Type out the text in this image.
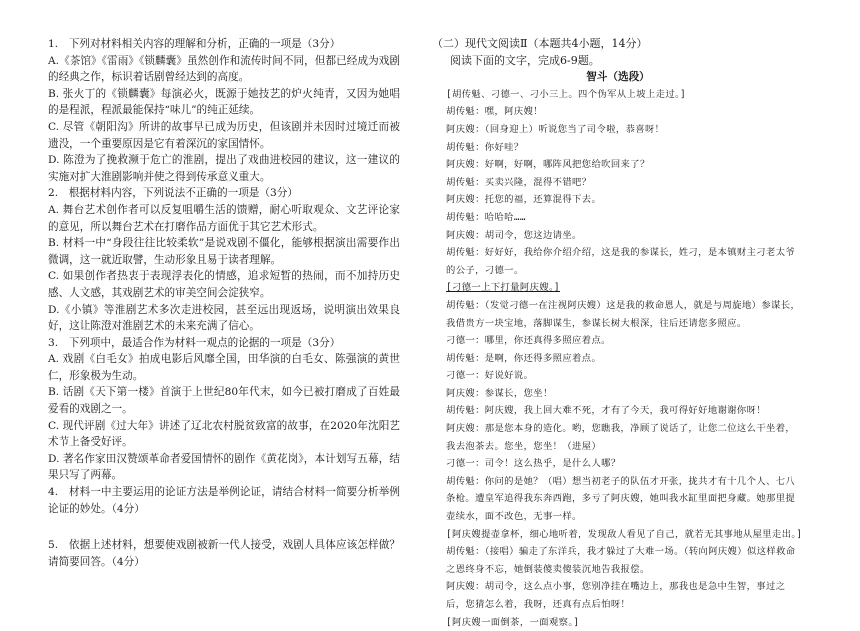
1.　下列对材料相关内容的理解和分析，正确的一项是（3分）

A.《茶馆》《雷雨》《锁麟囊》虽然创作和流传时间不同，但都已经成为戏剧的经典之作，标识着话剧曾经达到的高度。

B. 张火丁的《锁麟囊》每演必火，既源于她技艺的炉火纯青，又因为她唱的是程派，程派最能保持“味儿”的纯正延续。

C. 尽管《朝阳沟》所讲的故事早已成为历史，但该剧并未因时过境迁而被遗没，一个重要原因是它有着深沉的家国情怀。

D. 陈澄为了挽救濒于危亡的淮剧，提出了戏曲进校园的建议，这一建议的实施对扩大淮剧影响并使之得到传承意义重大。

2.　根据材料内容，下列说法不正确的一项是（3分）

A. 舞台艺术创作者可以反复咀嚼生活的馈赠，耐心听取观众、文艺评论家的意见，所以舞台艺术在打磨作品方面优于其它艺术形式。

B. 材料一中“身段往往比较柔软”是说戏剧不僵化，能够根据演出需要作出微调，这一就近取譬，生动形象且易于读者理解。

C. 如果创作者热衷于表现浮表化的情感，追求短暂的热闹，而不加持历史感、人文感，其戏剧艺术的审美空间会淀狭窄。

D.《小镇》等淮剧艺术多次走进校园，甚至远出现返场，说明演出效果良好，这让陈澄对淮剧艺术的未来充满了信心。

3.　下列项中，最适合作为材料一观点的论据的一项是（3分）

A. 戏剧《白毛女》拍成电影后风靡全国，田华演的白毛女、陈强演的黄世仁，形象极为生动。

B. 话剧《天下第一楼》首演于上世纪80年代末，如今已被打磨成了百姓最爱看的戏剧之一。

C. 现代评剧《过大年》讲述了辽北农村脱贫致富的故事，在2020年沈阳艺术节上备受好评。

D. 著名作家田汉赞颂革命者爱国情怀的剧作《黄花岗》，本计划写五幕，结果只写了两幕。

4.　材料一中主要运用的论证方法是举例论证，请结合材料一简要分析举例论证的妙处。（4分）

5.　依据上述材料，想要使戏剧被新一代人接受，戏剧人具体应该怎样做？请简要回答。（4分）

（二）现代文阅读Ⅱ（本题共4小题，14分）

阅读下面的文字，完成6-9题。

智斗（选段）

[胡传魁、刁德一、刁小三上。四个伪军从上坡上走过。]

胡传魁：嘿，阿庆嫂！

阿庆嫂：（回身迎上）听说您当了司令啦，恭喜呀！

胡传魁：你好哇？

阿庆嫂：好啊，好啊，哪阵风把您给吹回来了？

胡传魁：买卖兴隆，混得不错吧？

阿庆嫂：托您的福，还算混得下去。

胡传魁：哈哈哈……

阿庆嫂：胡司令，您这边请坐。

胡传魁：好好好，我给你介绍介绍，这是我的参谋长，姓刁，是本镇财主刁老太爷的公子，刁德一。

[刁德一上下打量阿庆嫂。]

胡传魁：（发觉刁德一在注视阿庆嫂）这是我的救命恩人，就是与周旋地）参谋长，我借贵方一块宝地，落脚谋生，参谋长树大根深，往后还请您多照应。

刁德一：哪里，你还真得多照应着点。

胡传魁：是啊，你还得多照应着点。

刁德一：好说好说。

阿庆嫂：参谋长，您坐！

胡传魁：阿庆嫂，我上回大难不死，才有了今天，我可得好好地谢谢你呀！

阿庆嫂：那是您本身的造化。哟，您瞧我，净顾了说话了，让您二位这么干坐着，我去泡茶去。您坐，您坐！（进屋）

刁德一：司令！这么热乎，是什么人哪？

胡传魁：你问的是她？（唱）想当初老子的队伍才开张，拢共才有十几个人、七八条枪。遭皇军追得我东奔西跑，多亏了阿庆嫂，她叫我水缸里面把身藏。她那里提壶续水，面不改色，无事一样。

[阿庆嫂提壶拿杯，细心地听着，发现敌人看见了自己，就若无其事地从屋里走出。]

胡传魁：（接唱）骗走了东洋兵，我才躲过了大难一场。（转向阿庆嫂）似这样救命之恩终身不忘，她倒装傻卖傻装沉地告我报偿。

阿庆嫂：胡司令，这么点小事，您别净挂在嘴边上，那我也是急中生智，事过之后，您猜怎么着，我呀，还真有点后怕呀！

[阿庆嫂一面倒茶，一面观察。]
